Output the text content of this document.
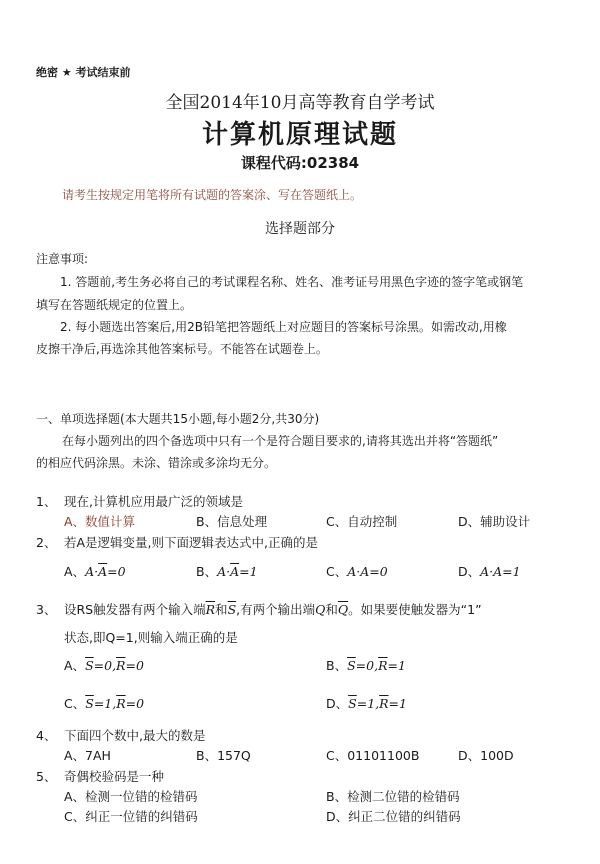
绝密 ★ 考试结束前
全国2014年10月高等教育自学考试
计算机原理试题
课程代码:02384
请考生按规定用笔将所有试题的答案涂、写在答题纸上。
选择题部分
注意事项:
1. 答题前,考生务必将自己的考试课程名称、姓名、准考证号用黑色字迹的签字笔或钢笔
填写在答题纸规定的位置上。
2. 每小题选出答案后,用2B铅笔把答题纸上对应题目的答案标号涂黑。如需改动,用橡
皮擦干净后,再选涂其他答案标号。不能答在试题卷上。
一、单项选择题(本大题共15小题,每小题2分,共30分)
在每小题列出的四个备选项中只有一个是符合题目要求的,请将其选出并将“答题纸”
的相应代码涂黑。未涂、错涂或多涂均无分。
1、 现在,计算机应用最广泛的领域是
A、数值计算	B、信息处理	C、自动控制	D、辅助设计
2、 若A是逻辑变量,则下面逻辑表达式中,正确的是
A、$A\cdot\overline{A}=0$	B、$A\cdot\overline{A}=1$	C、A·A=0	D、A·A=1
3、 设RS触发器有两个输入端$\overline{R}$和$\overline{S}$,有两个输出端Q和$\overline{Q}$。如果要使触发器为“1”
状态,即Q=1,则输入端正确的是
A、$\overline{S}=0,\overline{R}=0$	B、$\overline{S}=0,\overline{R}=1$
C、$\overline{S}=1,\overline{R}=0$	D、$\overline{S}=1,\overline{R}=1$
4、 下面四个数中,最大的数是
A、7AH	B、157Q	C、01101100B	D、100D
5、 奇偶校验码是一种
A、检测一位错的检错码	B、检测二位错的检错码
C、纠正一位错的纠错码	D、纠正二位错的纠错码
